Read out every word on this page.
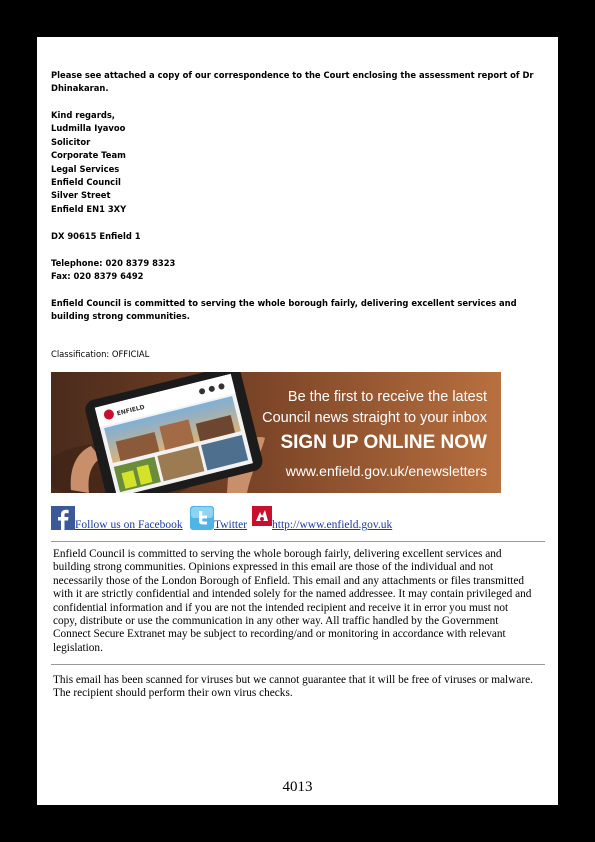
Please see attached a copy of our correspondence to the Court enclosing the assessment report of Dr Dhinakaran.

Kind regards,

Ludmilla Iyavoo

Solicitor

Corporate Team

Legal Services

Enfield Council

Silver Street

Enfield EN1 3XY

DX 90615 Enfield 1

Telephone: 020 8379 8323

Fax: 020 8379 6492

Enfield Council is committed to serving the whole borough fairly, delivering excellent services and building strong communities.

Classification: OFFICIAL

ENFIELD
Be the first to receive the latest
Council news straight to your inbox
SIGN UP ONLINE NOW
www.enfield.gov.uk/enewsletters
Follow us on Facebook	Twitter http://www.enfield.gov.uk
Enfield Council is committed to serving the whole borough fairly, delivering excellent services and building strong communities. Opinions expressed in this email are those of the individual and not necessarily those of the London Borough of Enfield. This email and any attachments or files transmitted with it are strictly confidential and intended solely for the named addressee. It may contain privileged and confidential information and if you are not the intended recipient and receive it in error you must not copy, distribute or use the communication in any other way. All traffic handled by the Government Connect Secure Extranet may be subject to recording/and or monitoring in accordance with relevant legislation.
This email has been scanned for viruses but we cannot guarantee that it will be free of viruses or malware. The recipient should perform their own virus checks.
4013
